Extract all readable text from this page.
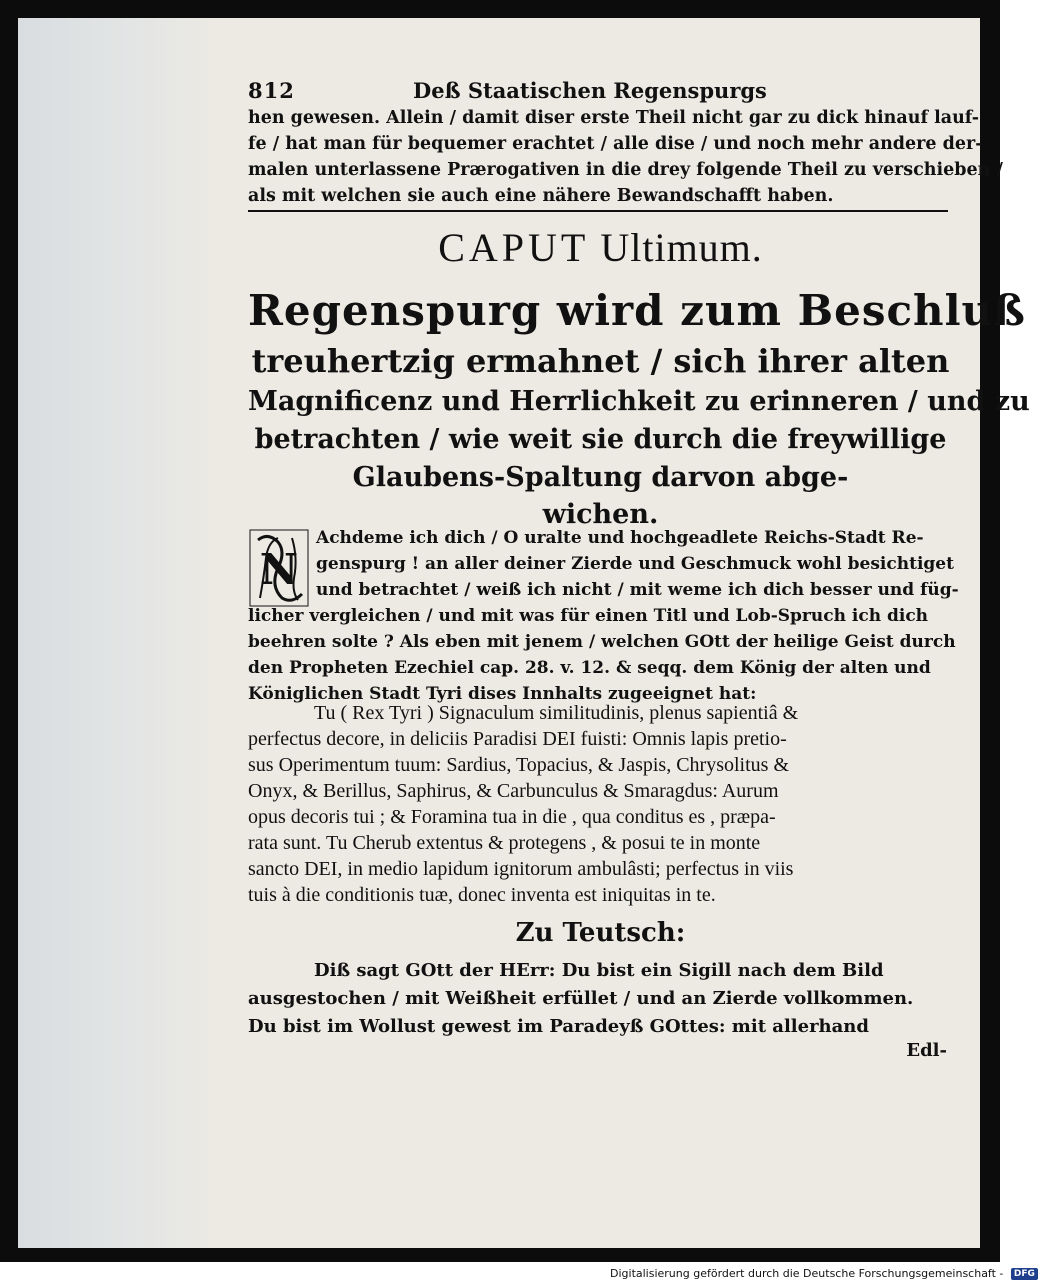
812	Deß Staatischen Regenspurgs
hen gewesen. Allein / damit diser erste Theil nicht gar zu dick hinauf lauf-
fe / hat man für bequemer erachtet / alle dise / und noch mehr andere der-
malen unterlassene Prærogativen in die drey folgende Theil zu verschieben /
als mit welchen sie auch eine nähere Bewandschafft haben.
CAPUT Ultimum.
Regenspurg wird zum Beschluß
treuhertzig ermahnet / sich ihrer alten
Magnificenz und Herrlichkeit zu erinneren / und zu
betrachten / wie weit sie durch die freywillige
Glaubens-Spaltung darvon abge-
wichen.
N
Achdeme ich dich / O uralte und hochgeadlete Reichs-Stadt Re-
genspurg ! an aller deiner Zierde und Geschmuck wohl besichtiget
und betrachtet / weiß ich nicht / mit weme ich dich besser und füg-
licher vergleichen / und mit was für einen Titl und Lob-Spruch ich dich
beehren solte ? Als eben mit jenem / welchen GOtt der heilige Geist durch
den Propheten Ezechiel cap. 28. v. 12. & seqq. dem König der alten und
Königlichen Stadt Tyri dises Innhalts zugeeignet hat:
Tu ( Rex Tyri ) Signaculum similitudinis, plenus sapientiâ &
perfectus decore, in deliciis Paradisi DEI fuisti: Omnis lapis pretio-
sus Operimentum tuum: Sardius, Topacius, & Jaspis, Chrysolitus &
Onyx, & Berillus, Saphirus, & Carbunculus & Smaragdus: Aurum
opus decoris tui ; & Foramina tua in die , qua conditus es , præpa-
rata sunt. Tu Cherub extentus & protegens , & posui te in monte
sancto DEI, in medio lapidum ignitorum ambulâsti; perfectus in viis
tuis à die conditionis tuæ, donec inventa est iniquitas in te.
Zu Teutsch:
Diß sagt GOtt der HErr: Du bist ein Sigill nach dem Bild
ausgestochen / mit Weißheit erfüllet / und an Zierde vollkommen.
Du bist im Wollust gewest im Paradeyß GOttes: mit allerhand
Edl-
Digitalisierung gefördert durch die Deutsche Forschungsgemeinschaft - DFG
